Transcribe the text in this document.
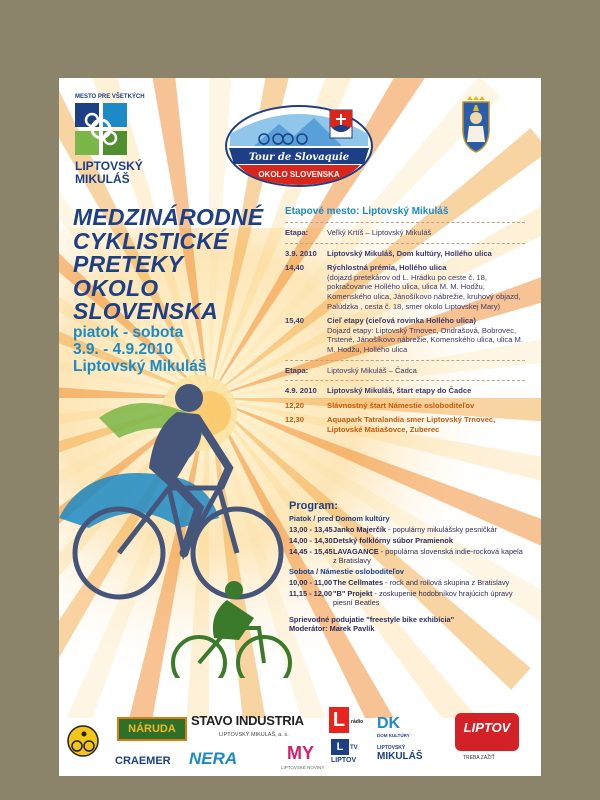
MESTO PRE VŠETKÝCH
LIPTOVSKÝ
MIKULÁŠ
Tour de Slovaquie
OKOLO SLOVENSKA
MEDZINÁRODNÉ
CYKLISTICKÉ
PRETEKY
OKOLO
SLOVENSKA
piatok - sobota
3.9. - 4.9.2010
Liptovský Mikuláš
Etapové mesto: Liptovský Mikuláš
Etapa:	Veľký Krtíš – Liptovský Mikuláš
3.9. 2010	Liptovský Mikuláš, Dom kultúry, Hollého ulica
14,40	Rýchlostná prémia, Hollého ulica
(dojazd pretekárov od L. Hrádku po ceste č. 18, pokračovanie Hollého ulica, ulica M. M. Hodžu, Komenského ulica, Jánošíkovo nábrežie, kruhový objazd, Palúdzka , cesta č. 18, smer okolo Liptovskej Mary)
15,40	Cieľ etapy (cieľová rovinka Hollého ulica)
Dojazd etapy: Liptovský Trnovec, Ondrašová, Bobrovec, Trstené, Jánošíkovo nábrežie, Komenského ulica, ulica M. M. Hodžu, Hollého ulica
Etapa:	Liptovský Mikuláš – Čadca
4.9. 2010	Liptovský Mikuláš, štart etapy do Čadce
12,20	Slávnostný štart Námestie osloboditeľov
12,30	Aquapark Tatralandia smer Liptovský Trnovec, Liptovské Matiašovce, Zuberec
Program:
Piatok / pred Domom kultúry
13,00 - 13,45 Janko Majerčík - populárny mikulášsky pesničkár
14,00 - 14,30 Detský folklórny súbor Pramienok
14,45 - 15,45 LAVAGANCE - populárna slovenská indie-rocková kapela z Bratislavy
Sobota / Námestie osloboditeľov
10,00 - 11,00 The Cellmates - rock and rollová skupina z Bratislavy
11,15 - 12,00 "B" Projekt - zoskupenie hodobníkov hrajúcich úpravy piesní Beatles
Sprievodné podujatie "freestyle bike exhibícia"
Moderátor: Marek Pavlík
NÁRUDA
CRAEMER
STAVO INDUSTRIA
LIPTOVSKÝ MIKULÁŠ, a. s.
NERA
L	rádio
MY
LIPTOVSKÉ NOVINY
L	TV
LIPTOV
DK
DOM KULTÚRY
LIPTOVSKÝ
MIKULÁŠ
LIPTOV
TREBA ZAŽIŤ
